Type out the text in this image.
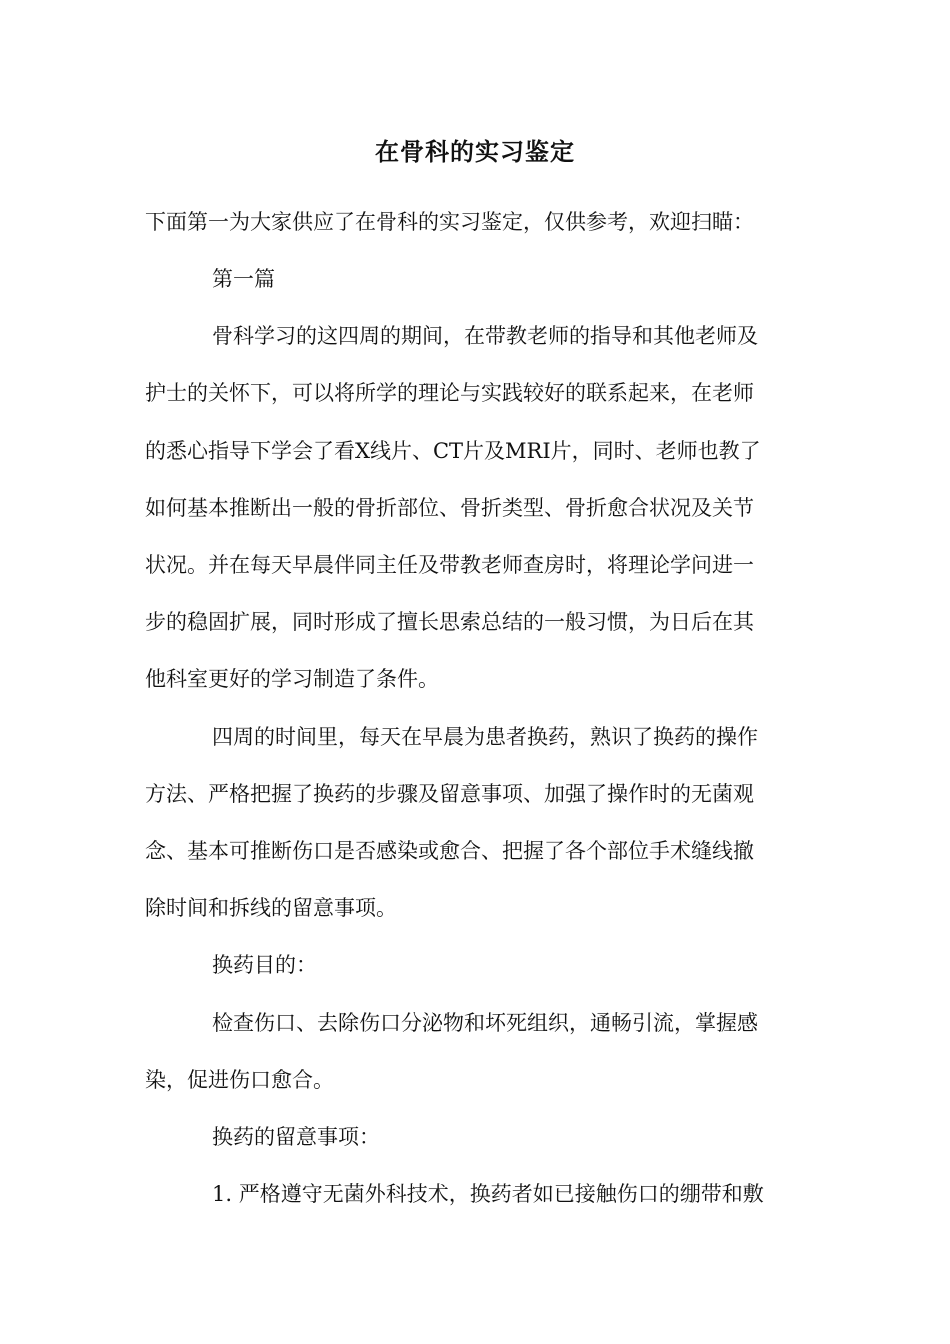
在骨科的实习鉴定
下面第一为大家供应了在骨科的实习鉴定，仅供参考，欢迎扫瞄：
第一篇
骨科学习的这四周的期间，在带教老师的指导和其他老师及
护士的关怀下，可以将所学的理论与实践较好的联系起来，在老师
的悉心指导下学会了看X线片、CT片及MRI片，同时、老师也教了
如何基本推断出一般的骨折部位、骨折类型、骨折愈合状况及关节
状况。并在每天早晨伴同主任及带教老师查房时，将理论学问进一
步的稳固扩展，同时形成了擅长思索总结的一般习惯，为日后在其
他科室更好的学习制造了条件。
四周的时间里，每天在早晨为患者换药，熟识了换药的操作
方法、严格把握了换药的步骤及留意事项、加强了操作时的无菌观
念、基本可推断伤口是否感染或愈合、把握了各个部位手术缝线撤
除时间和拆线的留意事项。
换药目的：
检查伤口、去除伤口分泌物和坏死组织，通畅引流，掌握感
染，促进伤口愈合。
换药的留意事项：
1. 严格遵守无菌外科技术，换药者如已接触伤口的绷带和敷
